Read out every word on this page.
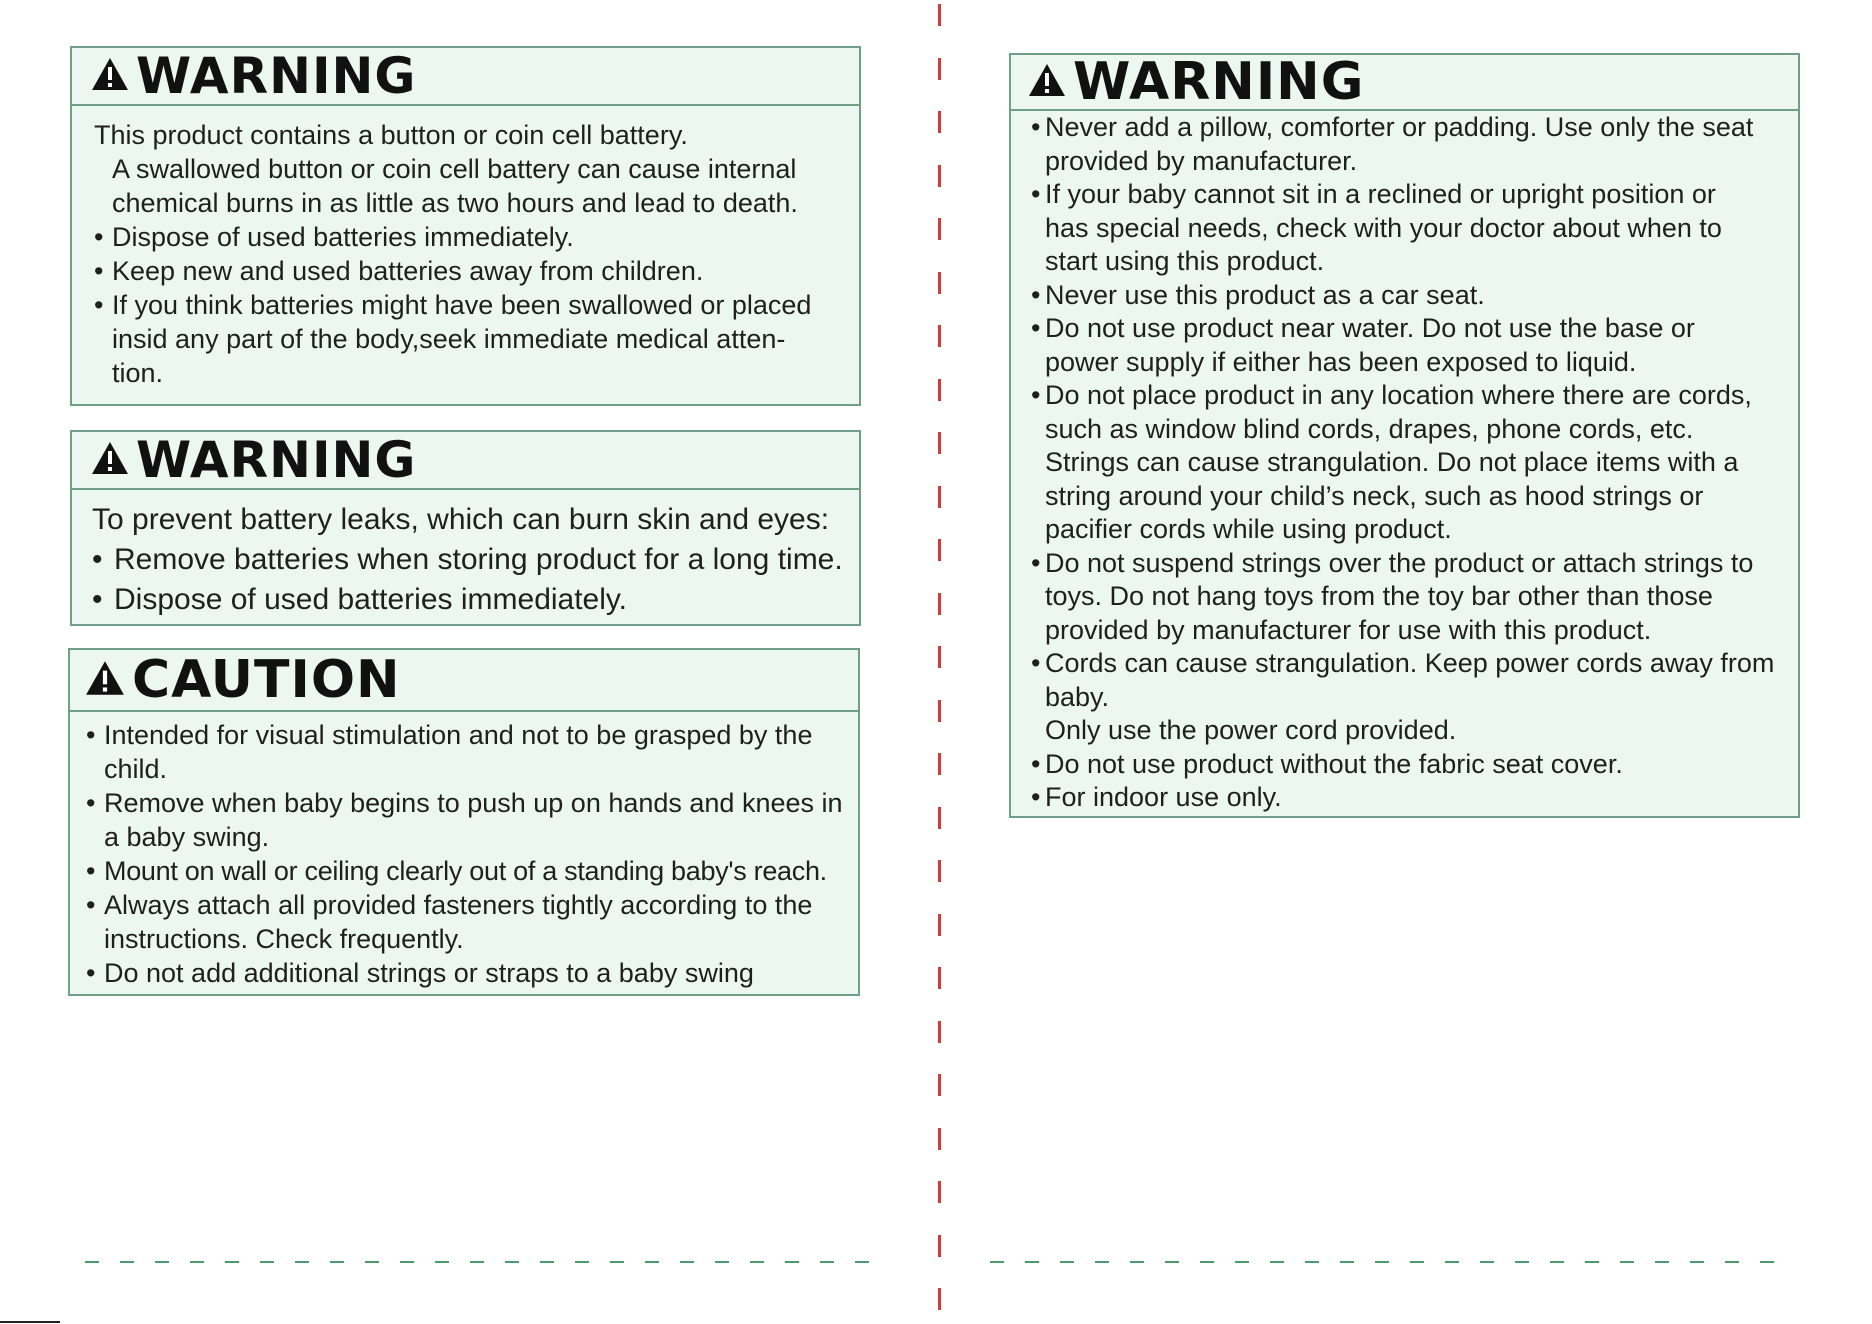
WARNING
This product contains a button or coin cell battery.
A swallowed button or coin cell battery can cause internal
chemical burns in as little as two hours and lead to death.
• Dispose of used batteries immediately.
• Keep new and used batteries away from children.
• If you think batteries might have been swallowed or placed
insid any part of the body,seek immediate medical atten-
tion.
WARNING
To prevent battery leaks, which can burn skin and eyes:
• Remove batteries when storing product for a long time.
• Dispose of used batteries immediately.
CAUTION
• Intended for visual stimulation and not to be grasped by the
child.
• Remove when baby begins to push up on hands and knees in
a baby swing.
• Mount on wall or ceiling clearly out of a standing baby's reach.
• Always attach all provided fasteners tightly according to the
instructions. Check frequently.
• Do not add additional strings or straps to a baby swing
WARNING
• Never add a pillow, comforter or padding. Use only the seat
provided by manufacturer.
• If your baby cannot sit in a reclined or upright position or
has special needs, check with your doctor about when to
start using this product.
• Never use this product as a car seat.
• Do not use product near water. Do not use the base or
power supply if either has been exposed to liquid.
• Do not place product in any location where there are cords,
such as window blind cords, drapes, phone cords, etc.
Strings can cause strangulation. Do not place items with a
string around your child’s neck, such as hood strings or
pacifier cords while using product.
• Do not suspend strings over the product or attach strings to
toys. Do not hang toys from the toy bar other than those
provided by manufacturer for use with this product.
• Cords can cause strangulation. Keep power cords away from
baby.
Only use the power cord provided.
• Do not use product without the fabric seat cover.
• For indoor use only.
